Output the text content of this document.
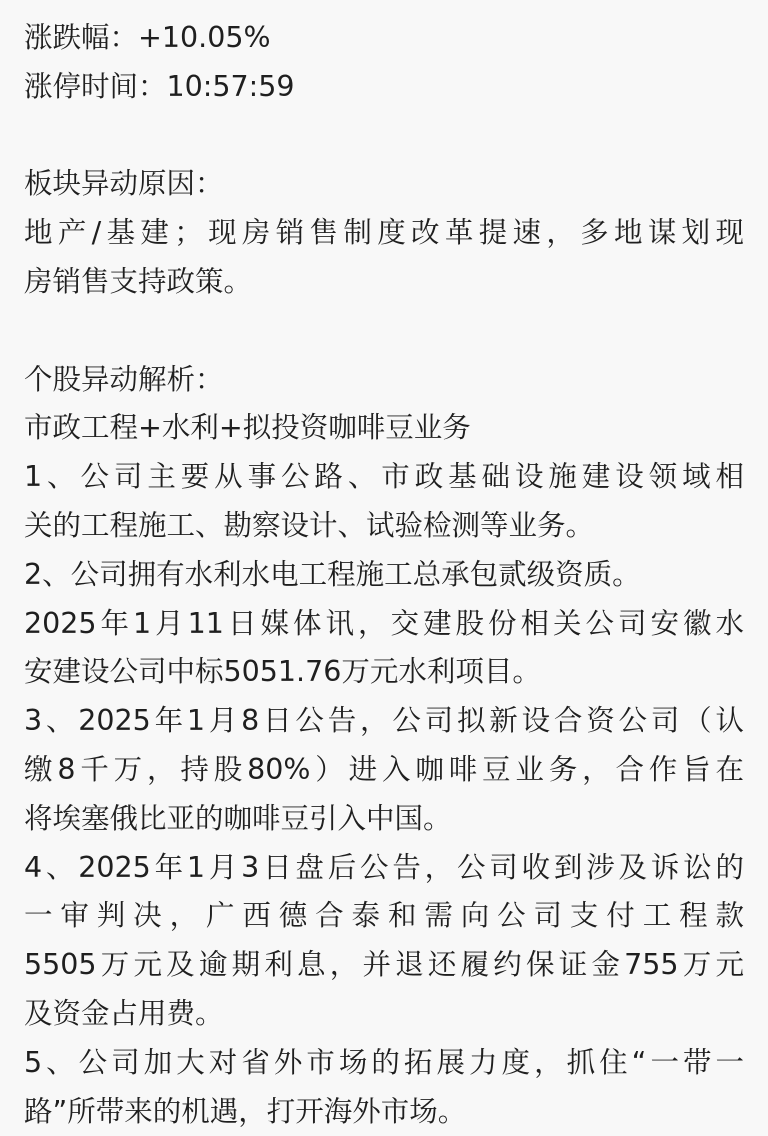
涨跌幅：+10.05%
涨停时间：10:57:59
板块异动原因：
地产/基建；现房销售制度改革提速，多地谋划现
房销售支持政策。
个股异动解析：
市政工程+水利+拟投资咖啡豆业务
1、公司主要从事公路、市政基础设施建设领域相
关的工程施工、勘察设计、试验检测等业务。
2、公司拥有水利水电工程施工总承包贰级资质。
2025年1月11日媒体讯，交建股份相关公司安徽水
安建设公司中标5051.76万元水利项目。
3、2025年1月8日公告，公司拟新设合资公司（认
缴8千万，持股80%）进入咖啡豆业务，合作旨在
将埃塞俄比亚的咖啡豆引入中国。
4、2025年1月3日盘后公告，公司收到涉及诉讼的
一审判决，广西德合泰和需向公司支付工程款
5505万元及逾期利息，并退还履约保证金755万元
及资金占用费。
5、公司加大对省外市场的拓展力度，抓住“一带一
路”所带来的机遇，打开海外市场。
